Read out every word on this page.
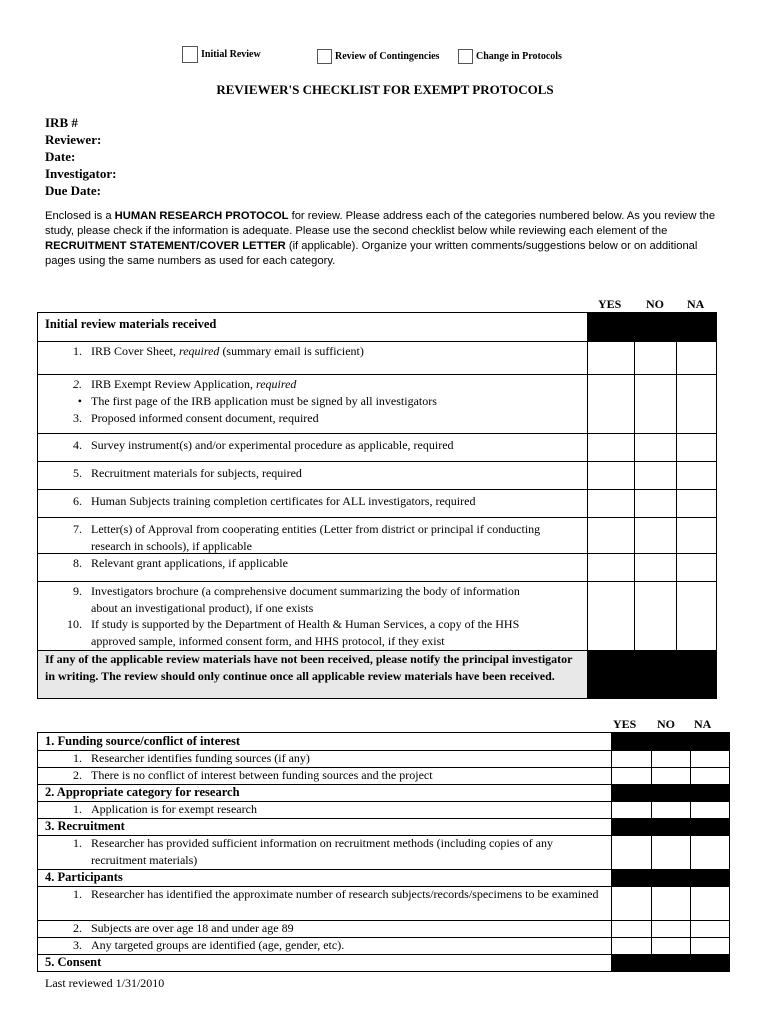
Initial Review	Review of Contingencies	Change in Protocols
REVIEWER'S CHECKLIST FOR EXEMPT PROTOCOLS
IRB #
Reviewer:
Date:
Investigator:
Due Date:
Enclosed is a HUMAN RESEARCH PROTOCOL for review. Please address each of the categories numbered below. As you review the study, please check if the information is adequate. Please use the second checklist below while reviewing each element of the RECRUITMENT STATEMENT/COVER LETTER (if applicable). Organize your written comments/suggestions below or on additional pages using the same numbers as used for each category.
YES NO NA
Initial review materials received
1. IRB Cover Sheet, required (summary email is sufficient)
2. IRB Exempt Review Application, required
• The first page of the IRB application must be signed by all investigators
3. Proposed informed consent document, required
4. Survey instrument(s) and/or experimental procedure as applicable, required
5. Recruitment materials for subjects, required
6. Human Subjects training completion certificates for ALL investigators, required
7. Letter(s) of Approval from cooperating entities (Letter from district or principal if conducting research in schools), if applicable
8. Relevant grant applications, if applicable
9. Investigators brochure (a comprehensive document summarizing the body of information about an investigational product), if one exists
10. If study is supported by the Department of Health & Human Services, a copy of the HHS approved sample, informed consent form, and HHS protocol, if they exist
If any of the applicable review materials have not been received, please notify the principal investigator in writing. The review should only continue once all applicable review materials have been received.
YES NO NA
1. Funding source/conflict of interest
1. Researcher identifies funding sources (if any)
2. There is no conflict of interest between funding sources and the project
2. Appropriate category for research
1. Application is for exempt research
3. Recruitment
1. Researcher has provided sufficient information on recruitment methods (including copies of any recruitment materials)
4. Participants
1. Researcher has identified the approximate number of research subjects/records/specimens to be examined
2. Subjects are over age 18 and under age 89
3. Any targeted groups are identified (age, gender, etc).
5. Consent
Last reviewed 1/31/2010
